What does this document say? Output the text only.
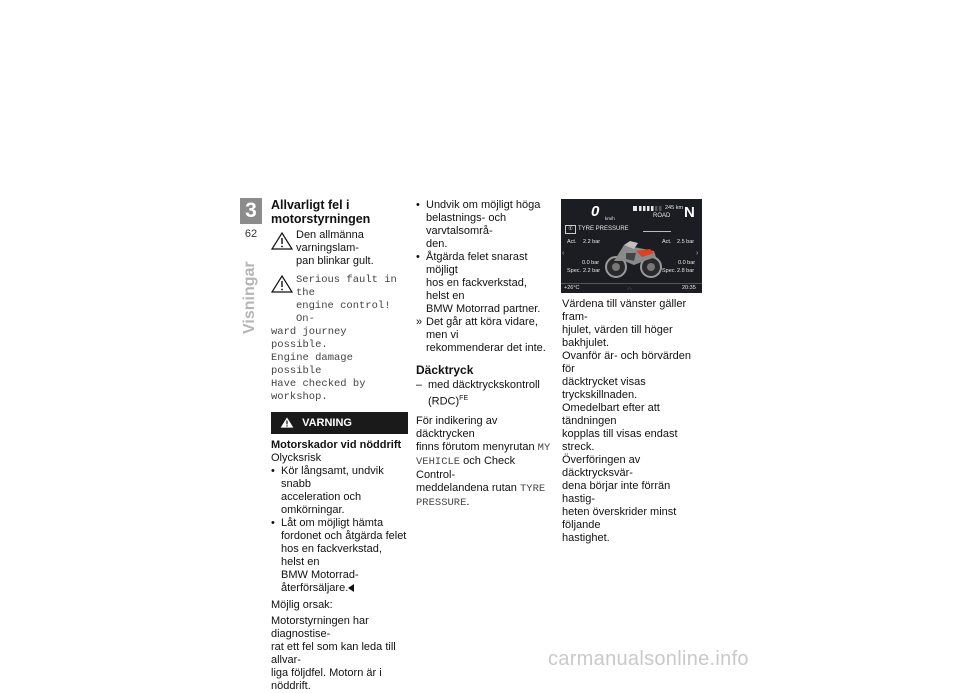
3
62
Visningar
Allvarligt fel i
motorstyrningen
Den allmänna varningslam-
pan blinkar gult.
Serious fault in the
engine control! On-
ward journey possible.
Engine damage possible
Have checked by workshop.
VARNING
Motorskador vid nöddrift
Olycksrisk
• Kör långsamt, undvik snabb
acceleration och omkörningar.
• Låt om möjligt hämta
fordonet och åtgärda felet
hos en fackverkstad, helst en
BMW Motorrad-återförsäljare.
Möjlig orsak:
Motorstyrningen har diagnostise-
rat ett fel som kan leda till allvar-
liga följdfel. Motorn är i nöddrift.
• Undvik om möjligt höga
belastnings- och varvtalsområ-
den.
• Åtgärda felet snarast möjligt
hos en fackverkstad, helst en
BMW Motorrad partner.
» Det går att köra vidare, men vi
rekommenderar det inte.
Däcktryck
– med däcktryckskontroll
(RDC)$^{FE}$
För indikering av däcktrycken
finns förutom menyrutan MY
VEHICLE och Check Control-
meddelandena rutan TYRE
PRESSURE.
0 km/h
245 km
ROAD N
① TYRE PRESSURE
Act. 2.2 bar	Act. 2.5 bar
‹	›
0.0 bar	0.0 bar
Spec. 2.2 bar	Spec. 2.8 bar
+26°C	︿	20:35
Värdena till vänster gäller fram-
hjulet, värden till höger bakhjulet.
Ovanför är- och börvärden för
däcktrycket visas tryckskillnaden.
Omedelbart efter att tändningen
kopplas till visas endast streck.
Överföringen av däcktrycksvär-
dena börjar inte förrän hastig-
heten överskrider minst följande
hastighet.
carmanualsonline.info
